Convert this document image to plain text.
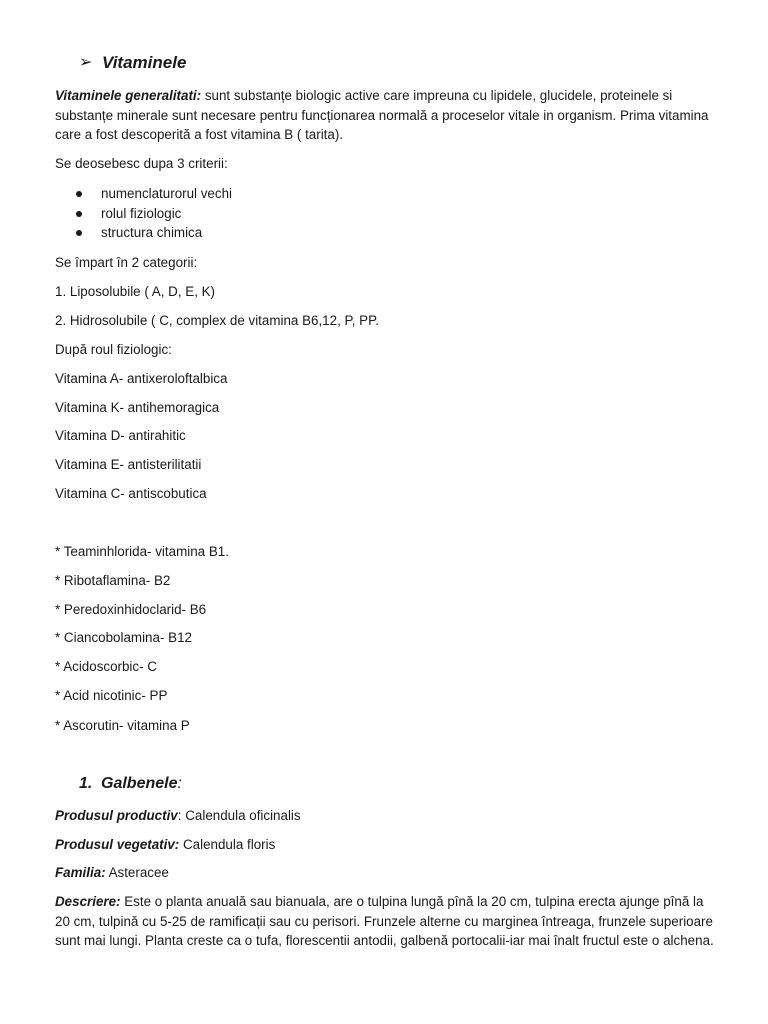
➢ Vitaminele

Vitaminele generalitati: sunt substanțe biologic active care impreuna cu lipidele, glucidele, proteinele si substanțe minerale sunt necesare pentru funcționarea normală a proceselor vitale in organism. Prima vitamina care a fost descoperită a fost vitamina B ( tarita).

Se deosebesc dupa 3 criterii:

numenclaturorul vechi
rolul fiziologic
structura chimica

Se împart în 2 categorii:

1. Liposolubile ( A, D, E, K)

2. Hidrosolubile ( C, complex de vitamina B6,12, P, PP.

După roul fiziologic:

Vitamina A- antixeroloftalbica

Vitamina K- antihemoragica

Vitamina D- antirahitic

Vitamina E- antisterilitatii

Vitamina C- antiscobutica

* Teaminhlorida- vitamina B1.

* Ribotaflamina- B2

* Peredoxinhidoclarid- B6

* Ciancobolamina- B12

* Acidoscorbic- C

* Acid nicotinic- PP

* Ascorutin- vitamina P

1. Galbenele:

Produsul productiv: Calendula oficinalis

Produsul vegetativ: Calendula floris

Familia: Asteracee

Descriere: Este o planta anuală sau bianuala, are o tulpina lungă pînă la 20 cm, tulpina erecta ajunge pînă la 20 cm, tulpină cu 5-25 de ramificații sau cu perisori. Frunzele alterne cu marginea întreaga, frunzele superioare sunt mai lungi. Planta creste ca o tufa, florescentii antodii, galbenă portocalii-iar mai înalt fructul este o alchena.
